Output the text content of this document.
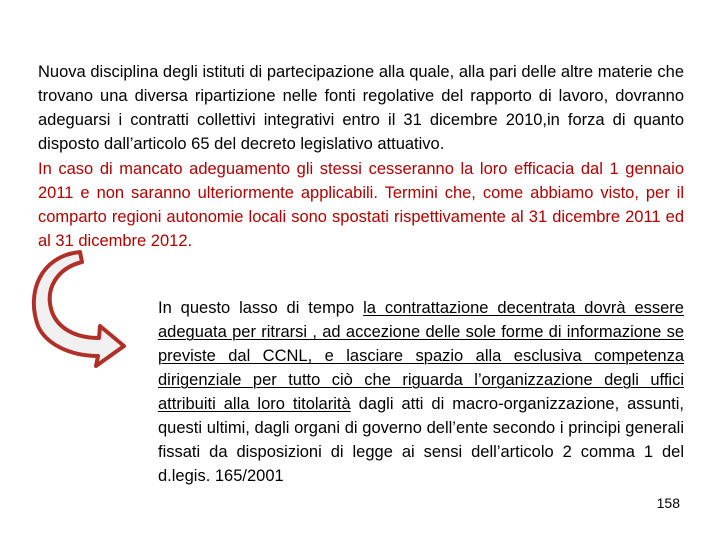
Nuova disciplina degli istituti di partecipazione alla quale, alla pari delle altre materie che trovano una diversa ripartizione nelle fonti regolative del rapporto di lavoro, dovranno adeguarsi i contratti collettivi integrativi entro il 31 dicembre 2010,in forza di quanto disposto dall’articolo 65 del decreto legislativo attuativo.

In caso di mancato adeguamento gli stessi cesseranno la loro efficacia dal 1 gennaio 2011 e non saranno ulteriormente applicabili. Termini che, come abbiamo visto, per il comparto regioni autonomie locali sono spostati rispettivamente al 31 dicembre 2011 ed al 31 dicembre 2012.

In questo lasso di tempo la contrattazione decentrata dovrà essere adeguata per ritrarsi , ad accezione delle sole forme di informazione se previste dal CCNL, e lasciare spazio alla esclusiva competenza dirigenziale per tutto ciò che riguarda l’organizzazione degli uffici attribuiti alla loro titolarità dagli atti di macro-organizzazione, assunti, questi ultimi, dagli organi di governo dell’ente secondo i principi generali fissati da disposizioni di legge ai sensi dell’articolo 2 comma 1 del d.legis. 165/2001

158
